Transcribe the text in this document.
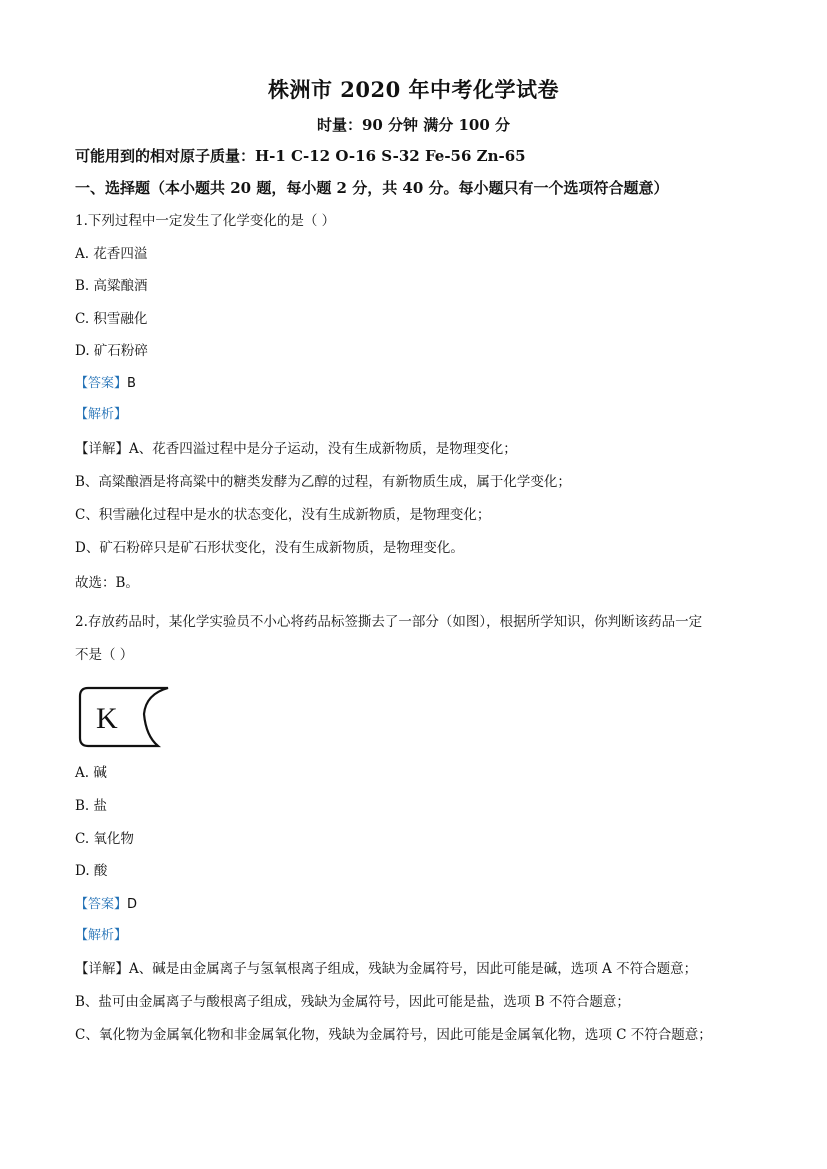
株洲市 2020 年中考化学试卷
时量：90 分钟 满分 100 分
可能用到的相对原子质量：H-1 C-12 O-16 S-32 Fe-56 Zn-65
一、选择题（本小题共 20 题，每小题 2 分，共 40 分。每小题只有一个选项符合题意）
1.下列过程中一定发生了化学变化的是（ ）
A. 花香四溢
B. 高粱酿酒
C. 积雪融化
D. 矿石粉碎
【答案】B
【解析】
【详解】A、花香四溢过程中是分子运动，没有生成新物质，是物理变化；
B、高粱酿酒是将高粱中的糖类发酵为乙醇的过程，有新物质生成，属于化学变化；
C、积雪融化过程中是水的状态变化，没有生成新物质，是物理变化；
D、矿石粉碎只是矿石形状变化，没有生成新物质，是物理变化。
故选：B。
2.存放药品时，某化学实验员不小心将药品标签撕去了一部分（如图），根据所学知识，你判断该药品一定
不是（ ）
K
A. 碱
B. 盐
C. 氧化物
D. 酸
【答案】D
【解析】
【详解】A、碱是由金属离子与氢氧根离子组成，残缺为金属符号，因此可能是碱，选项 A 不符合题意；
B、盐可由金属离子与酸根离子组成，残缺为金属符号，因此可能是盐，选项 B 不符合题意；
C、氧化物为金属氧化物和非金属氧化物，残缺为金属符号，因此可能是金属氧化物，选项 C 不符合题意；
